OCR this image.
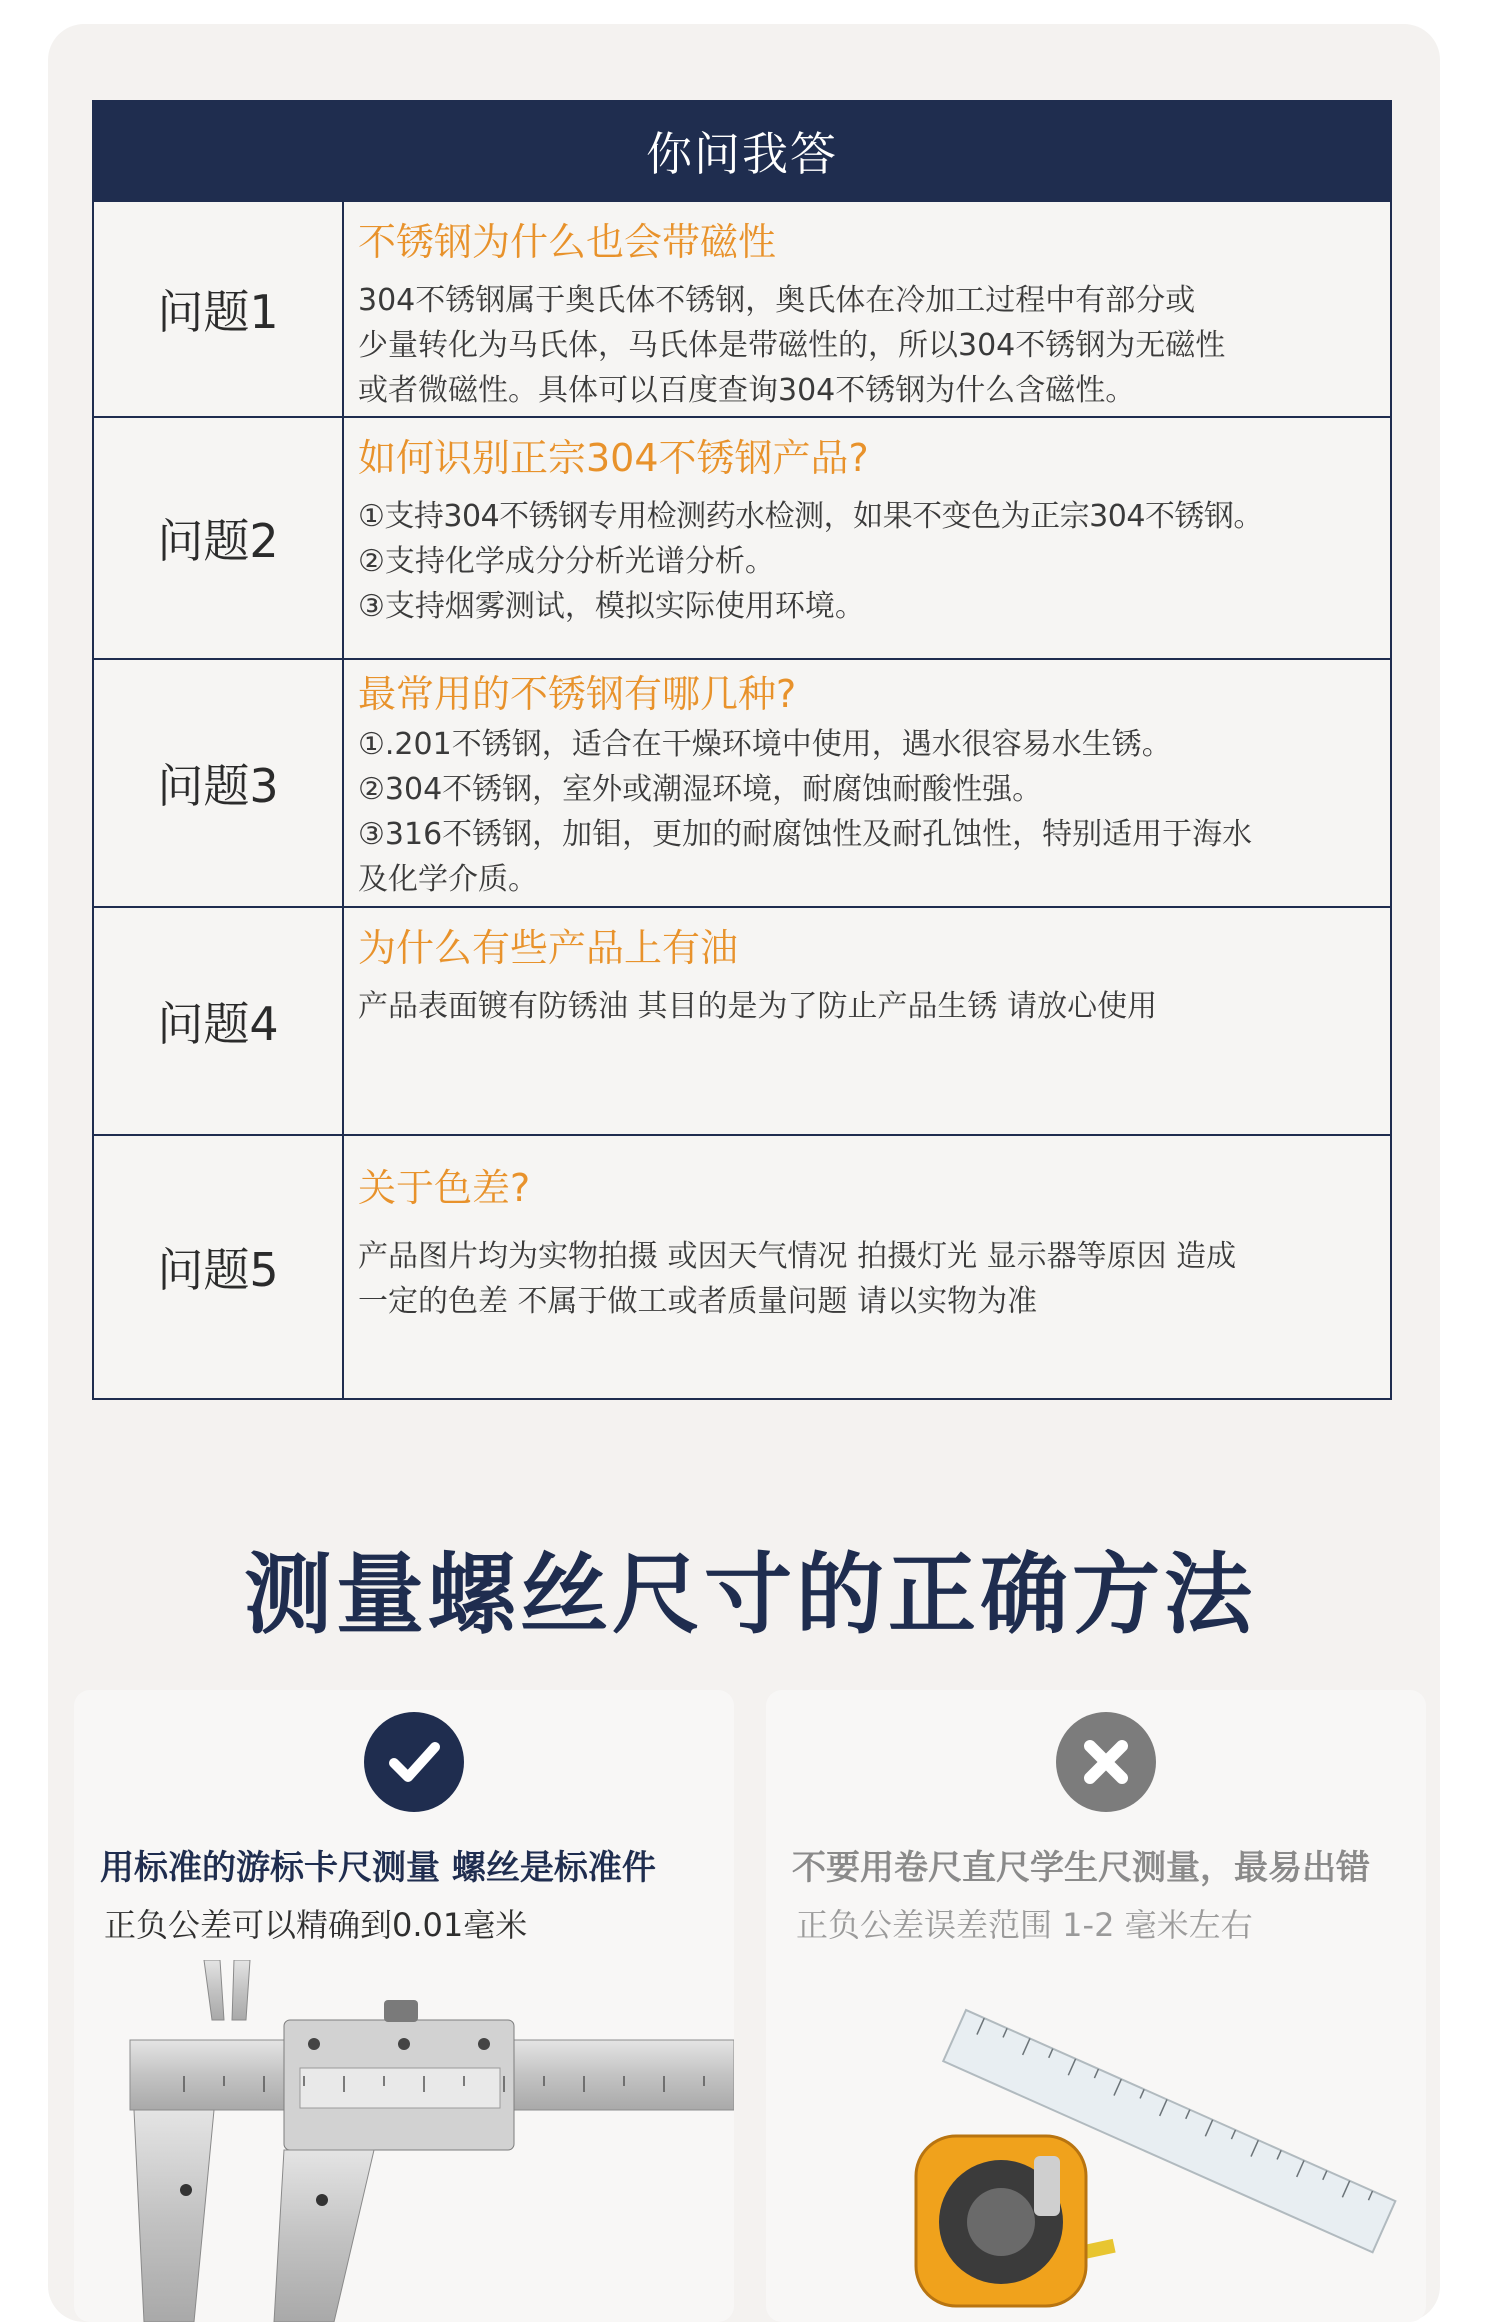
你问我答
问题1
不锈钢为什么也会带磁性
304不锈钢属于奥氏体不锈钢，奥氏体在冷加工过程中有部分或
少量转化为马氏体，马氏体是带磁性的，所以304不锈钢为无磁性
或者微磁性。具体可以百度查询304不锈钢为什么含磁性。
问题2
如何识别正宗304不锈钢产品?
①支持304不锈钢专用检测药水检测，如果不变色为正宗304不锈钢。
②支持化学成分分析光谱分析。
③支持烟雾测试，模拟实际使用环境。
问题3
最常用的不锈钢有哪几种?
①.201不锈钢，适合在干燥环境中使用，遇水很容易水生锈。
②304不锈钢，室外或潮湿环境，耐腐蚀耐酸性强。
③316不锈钢，加钼，更加的耐腐蚀性及耐孔蚀性，特别适用于海水
及化学介质。
问题4
为什么有些产品上有油
产品表面镀有防锈油 其目的是为了防止产品生锈 请放心使用
问题5
关于色差?
产品图片均为实物拍摄 或因天气情况 拍摄灯光 显示器等原因 造成
一定的色差 不属于做工或者质量问题 请以实物为准
测量螺丝尺寸的正确方法
用标准的游标卡尺测量 螺丝是标准件
正负公差可以精确到0.01毫米
不要用卷尺直尺学生尺测量，最易出错
正负公差误差范围 1-2 毫米左右
